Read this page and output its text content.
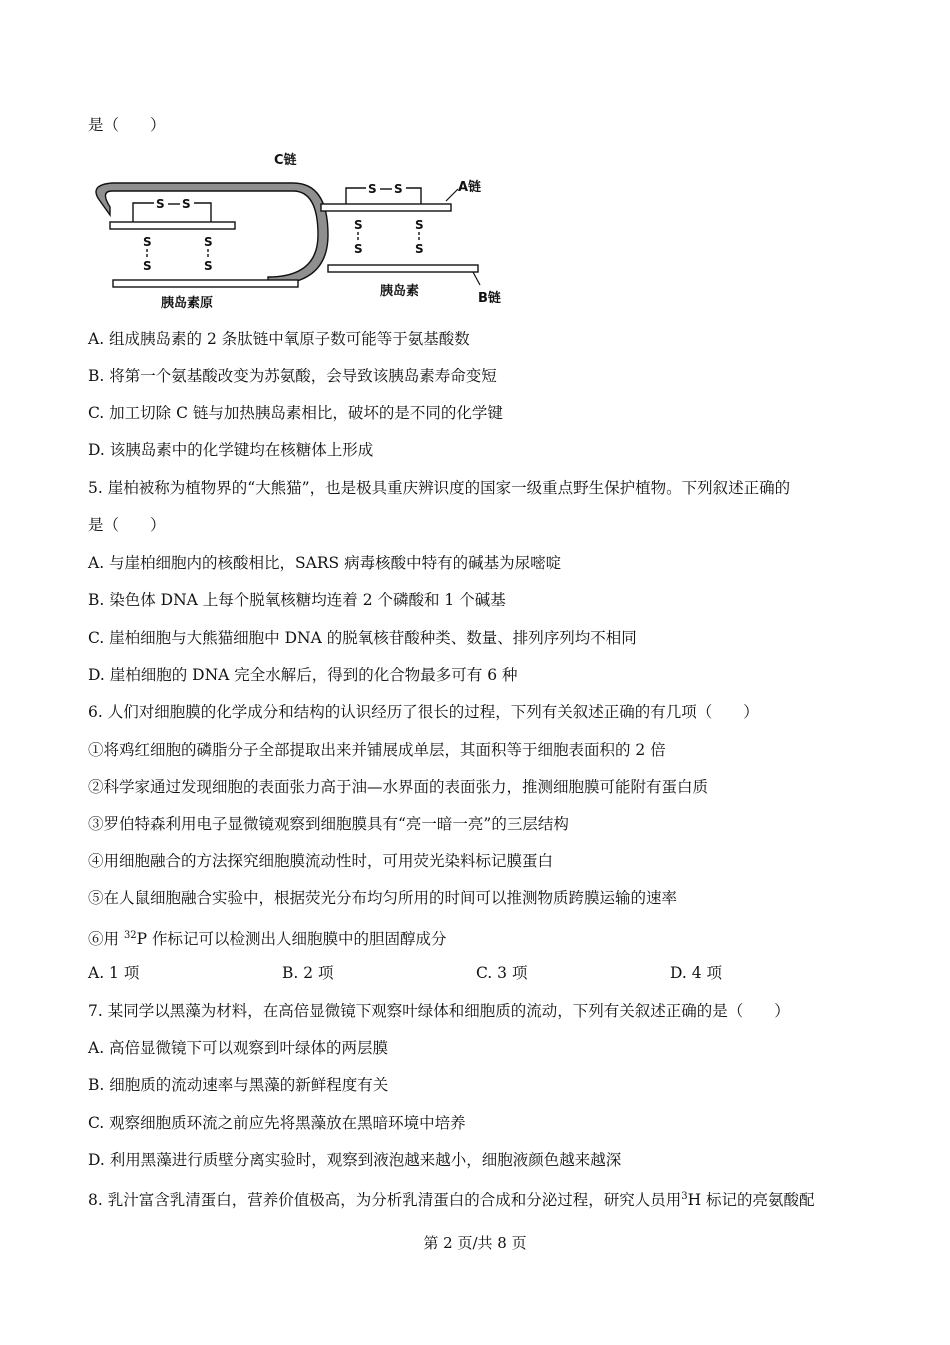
是（　　）
S S
S
S
S
S
C链
胰岛素原
S S
S
S
S
S
A链
B链
胰岛素
A. 组成胰岛素的 2 条肽链中氧原子数可能等于氨基酸数
B. 将第一个氨基酸改变为苏氨酸，会导致该胰岛素寿命变短
C. 加工切除 C 链与加热胰岛素相比，破坏的是不同的化学键
D. 该胰岛素中的化学键均在核糖体上形成
5. 崖柏被称为植物界的“大熊猫”，也是极具重庆辨识度的国家一级重点野生保护植物。下列叙述正确的
是（　　）
A. 与崖柏细胞内的核酸相比，SARS 病毒核酸中特有的碱基为尿嘧啶
B. 染色体 DNA 上每个脱氧核糖均连着 2 个磷酸和 1 个碱基
C. 崖柏细胞与大熊猫细胞中 DNA 的脱氧核苷酸种类、数量、排列序列均不相同
D. 崖柏细胞的 DNA 完全水解后，得到的化合物最多可有 6 种
6. 人们对细胞膜的化学成分和结构的认识经历了很长的过程，下列有关叙述正确的有几项（　　）
①将鸡红细胞的磷脂分子全部提取出来并铺展成单层，其面积等于细胞表面积的 2 倍
②科学家通过发现细胞的表面张力高于油—水界面的表面张力，推测细胞膜可能附有蛋白质
③罗伯特森利用电子显微镜观察到细胞膜具有“亮一暗一亮”的三层结构
④用细胞融合的方法探究细胞膜流动性时，可用荧光染料标记膜蛋白
⑤在人鼠细胞融合实验中，根据荧光分布均匀所用的时间可以推测物质跨膜运输的速率
⑥用 $^{32}$P 作标记可以检测出人细胞膜中的胆固醇成分
A. 1 项	B. 2 项	C. 3 项	D. 4 项
7. 某同学以黑藻为材料，在高倍显微镜下观察叶绿体和细胞质的流动，下列有关叙述正确的是（　　）
A. 高倍显微镜下可以观察到叶绿体的两层膜
B. 细胞质的流动速率与黑藻的新鲜程度有关
C. 观察细胞质环流之前应先将黑藻放在黑暗环境中培养
D. 利用黑藻进行质壁分离实验时，观察到液泡越来越小，细胞液颜色越来越深
8. 乳汁富含乳清蛋白，营养价值极高，为分析乳清蛋白的合成和分泌过程，研究人员用$^3$H 标记的亮氨酸配
第 2 页/共 8 页
